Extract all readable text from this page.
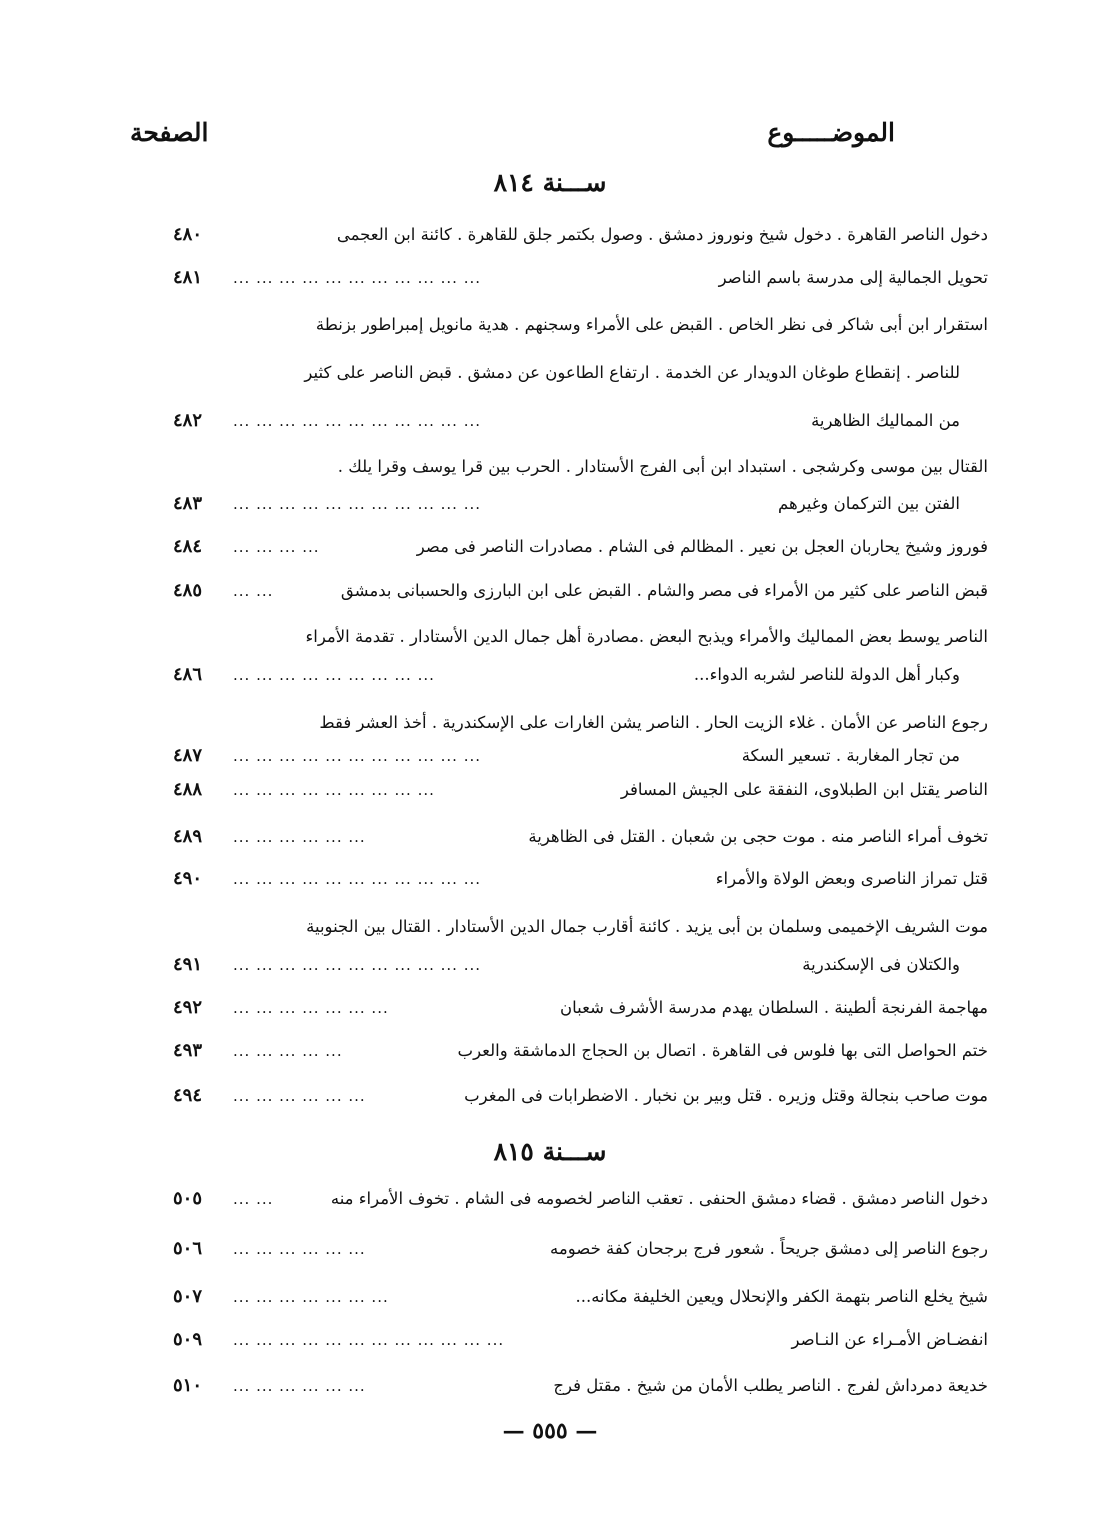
الموضـــــوع
الصفحة
ســـنة ٨١٤
دخول الناصر القاهرة . دخول شيخ ونوروز دمشق . وصول بكتمر جلق للقاهرة . كائنة ابن العجمى
٤٨٠
تحويل الجمالية إلى مدرسة باسم الناصر
... ... ... ... ... ... ... ... ... ... ...
٤٨١
استقرار ابن أبى شاكر فى نظر الخاص . القبض على الأمراء وسجنهم . هدية مانويل إمبراطور بزنطة
للناصر . إنقطاع طوغان الدويدار عن الخدمة . ارتفاع الطاعون عن دمشق . قبض الناصر على كثير
من المماليك الظاهرية
... ... ... ... ... ... ... ... ... ... ...
٤٨٢
القتال بين موسى وكرشجى . استبداد ابن أبى الفرج الأستادار . الحرب بين قرا يوسف وقرا يلك .
الفتن بين التركمان وغيرهم
... ... ... ... ... ... ... ... ... ... ...
٤٨٣
فوروز وشيخ يحاربان العجل بن نعير . المظالم فى الشام . مصادرات الناصر فى مصر
... ... ... ...
٤٨٤
قبض الناصر على كثير من الأمراء فى مصر والشام . القبض على ابن البارزى والحسبانى بدمشق
... ...
٤٨٥
الناصر يوسط بعض المماليك والأمراء ويذبح البعض .مصادرة أهل جمال الدين الأستادار . تقدمة الأمراء
وكبار أهل الدولة للناصر لشربه الدواء...
... ... ... ... ... ... ... ... ...
٤٨٦
رجوع الناصر عن الأمان . غلاء الزيت الحار . الناصر يشن الغارات على الإسكندرية . أخذ العشر فقط
من تجار المغاربة . تسعير السكة
... ... ... ... ... ... ... ... ... ... ...
٤٨٧
الناصر يقتل ابن الطبلاوى، النفقة على الجيش المسافر
... ... ... ... ... ... ... ... ...
٤٨٨
تخوف أمراء الناصر منه . موت حجى بن شعبان . القتل فى الظاهرية
... ... ... ... ... ...
٤٨٩
قتل تمراز الناصرى وبعض الولاة والأمراء
... ... ... ... ... ... ... ... ... ... ...
٤٩٠
موت الشريف الإخميمى وسلمان بن أبى يزيد . كائنة أقارب جمال الدين الأستادار . القتال بين الجنوبية
والكتلان فى الإسكندرية
... ... ... ... ... ... ... ... ... ... ...
٤٩١
مهاجمة الفرنجة ألطينة . السلطان يهدم مدرسة الأشرف شعبان
... ... ... ... ... ... ...
٤٩٢
ختم الحواصل التى بها فلوس فى القاهرة . اتصال بن الحجاج الدماشقة والعرب
... ... ... ... ...
٤٩٣
موت صاحب بنجالة وقتل وزيره . قتل وبير بن نخبار . الاضطرابات فى المغرب
... ... ... ... ... ...
٤٩٤
ســـنة ٨١٥
دخول الناصر دمشق . قضاء دمشق الحنفى . تعقب الناصر لخصومه فى الشام . تخوف الأمراء منه
... ...
٥٠٥
رجوع الناصر إلى دمشق جريحاً . شعور فرج برجحان كفة خصومه
... ... ... ... ... ...
٥٠٦
شيخ يخلع الناصر بتهمة الكفر والإنحلال ويعين الخليفة مكانه...
... ... ... ... ... ... ...
٥٠٧
انفضـاض الأمـراء عن النـاصر
... ... ... ... ... ... ... ... ... ... ... ...
٥٠٩
خديعة دمرداش لفرج . الناصر يطلب الأمان من شيخ . مقتل فرج
... ... ... ... ... ...
٥١٠
— ٥٥٥ —
